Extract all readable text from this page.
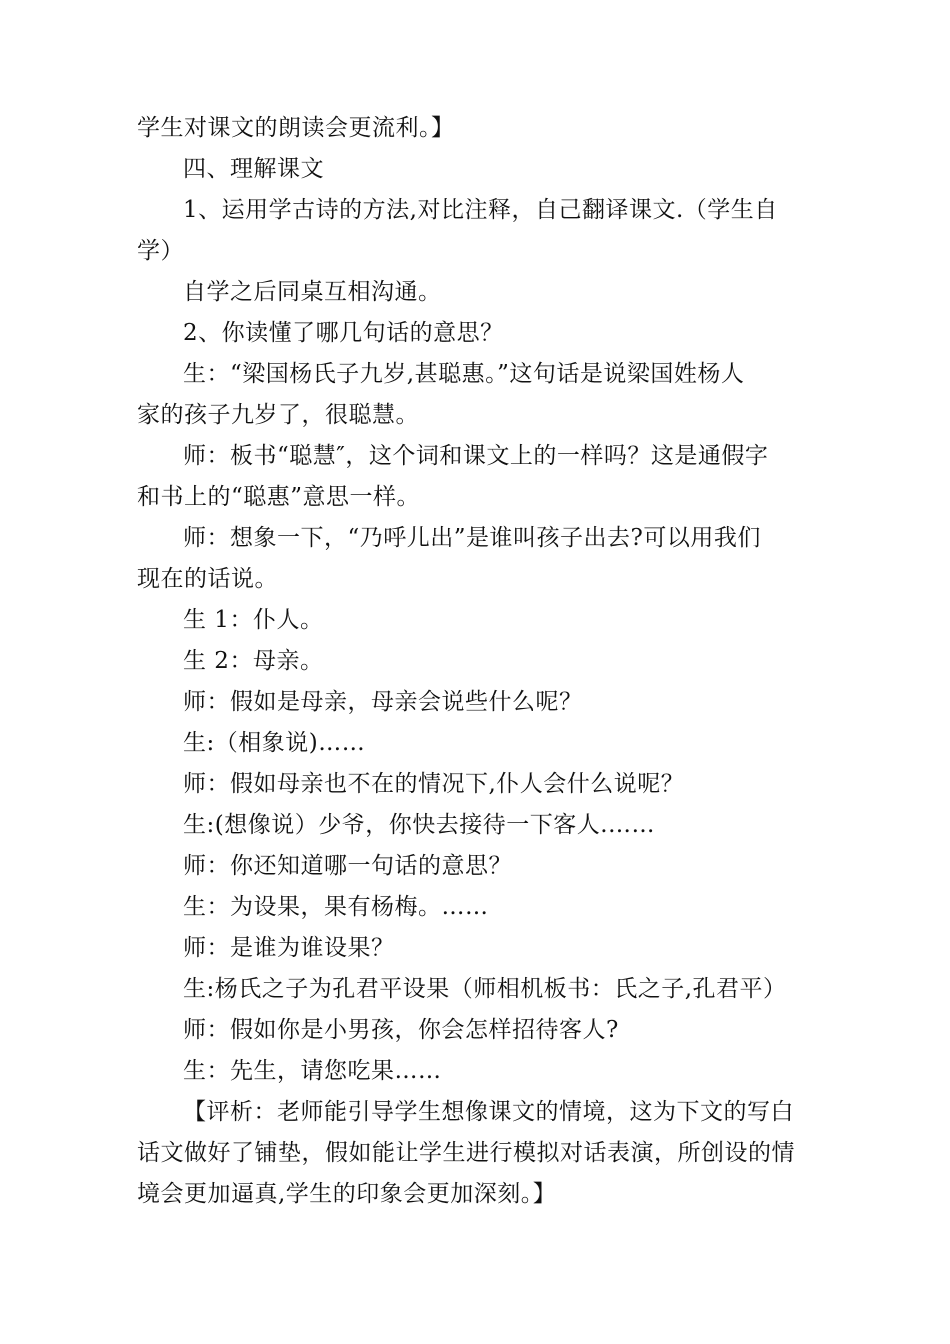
学生对课文的朗读会更流利。】
四、理解课文
1、运用学古诗的方法,对比注释，自己翻译课文.（学生自
学）
自学之后同桌互相沟通。
2、你读懂了哪几句话的意思？
生：“梁国杨氏子九岁,甚聪惠。”这句话是说梁国姓杨人
家的孩子九岁了，很聪慧。
师：板书“聪慧″，这个词和课文上的一样吗？这是通假字
和书上的“聪惠”意思一样。
师：想象一下，“乃呼儿出”是谁叫孩子出去?可以用我们
现在的话说。
生 1：仆人。
生 2：母亲。
师：假如是母亲，母亲会说些什么呢？
生:（相象说)……
师：假如母亲也不在的情况下,仆人会什么说呢？
生:(想像说）少爷，你快去接待一下客人.……
师：你还知道哪一句话的意思？
生：为设果，果有杨梅。……
师：是谁为谁设果？
生:杨氏之子为孔君平设果（师相机板书：氏之子,孔君平）
师：假如你是小男孩，你会怎样招待客人?
生：先生，请您吃果……
【评析：老师能引导学生想像课文的情境，这为下文的写白
话文做好了铺垫，假如能让学生进行模拟对话表演，所创设的情
境会更加逼真,学生的印象会更加深刻。】
